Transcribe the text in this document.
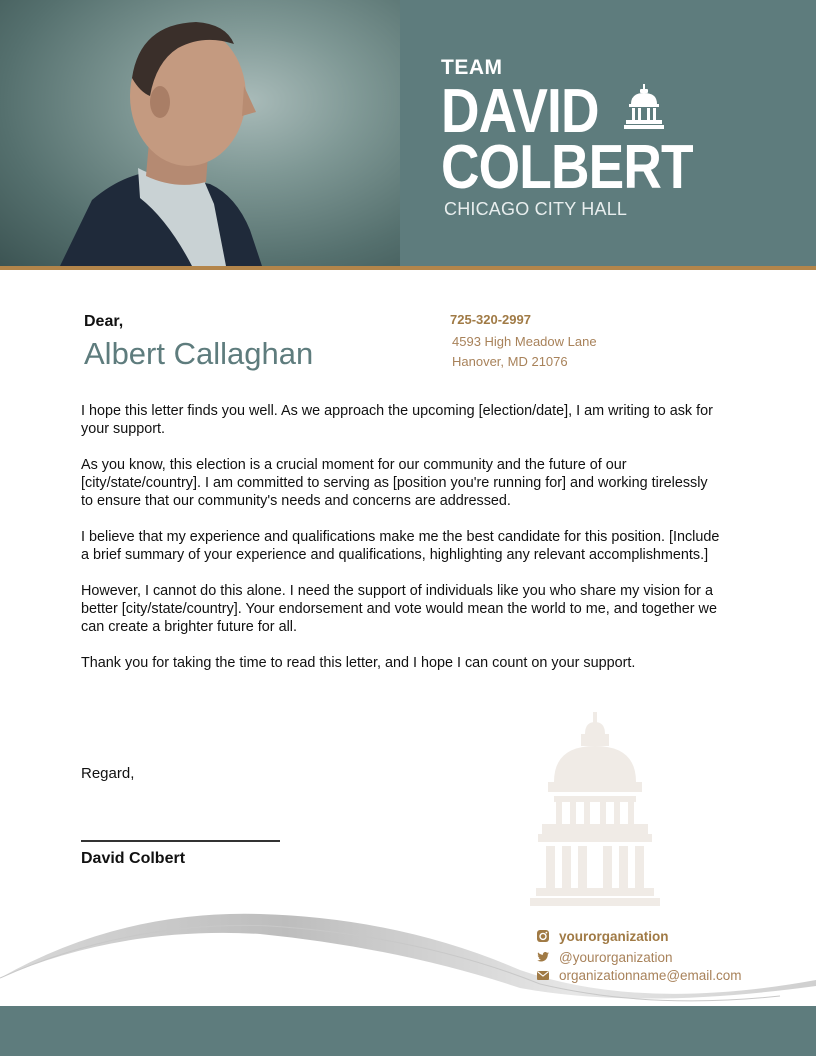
TEAM
DAVID
COLBERT
CHICAGO CITY HALL
Dear,
Albert Callaghan
725-320-2997
4593 High Meadow Lane
Hanover, MD 21076

I hope this letter finds you well. As we approach the upcoming [election/date], I am writing to ask for your support.

As you know, this election is a crucial moment for our community and the future of our [city/state/country]. I am committed to serving as [position you're running for] and working tirelessly to ensure that our community's needs and concerns are addressed.

I believe that my experience and qualifications make me the best candidate for this position. [Include a brief summary of your experience and qualifications, highlighting any relevant accomplishments.]

However, I cannot do this alone. I need the support of individuals like you who share my vision for a better [city/state/country]. Your endorsement and vote would mean the world to me, and together we can create a brighter future for all.

Thank you for taking the time to read this letter, and I hope I can count on your support.

Regard,
David Colbert
yourorganization
@yourorganization
organizationname@email.com
